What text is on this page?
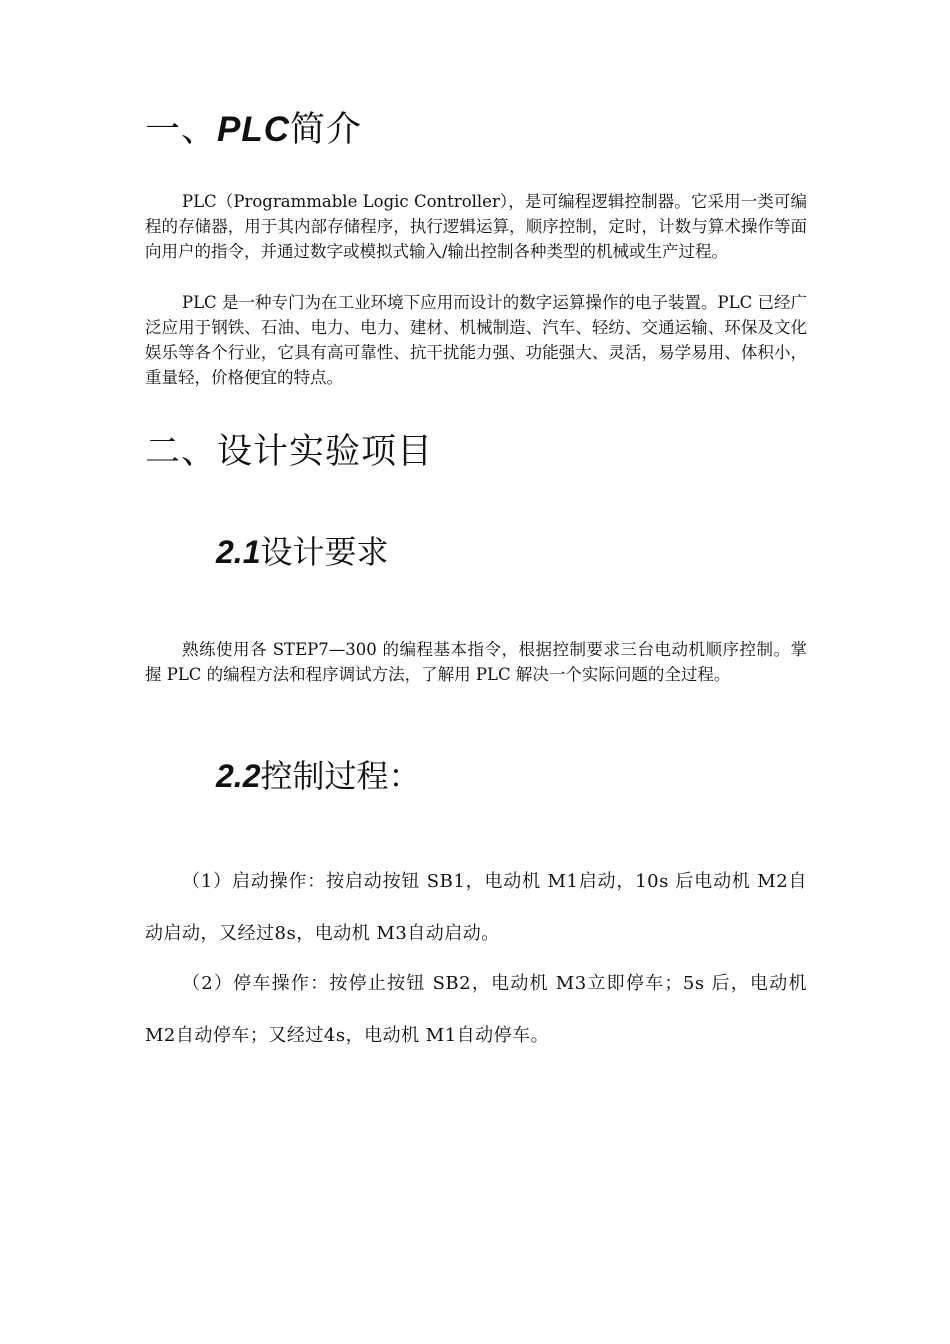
一、PLC简介

PLC（Programmable Logic Controller），是可编程逻辑控制器。它采用一类可编程的存储器，用于其内部存储程序，执行逻辑运算，顺序控制，定时，计数与算术操作等面向用户的指令，并通过数字或模拟式输入/输出控制各种类型的机械或生产过程。

PLC 是一种专门为在工业环境下应用而设计的数字运算操作的电子装置。PLC 已经广泛应用于钢铁、石油、电力、电力、建材、机械制造、汽车、轻纺、交通运输、环保及文化娱乐等各个行业，它具有高可靠性、抗干扰能力强、功能强大、灵活，易学易用、体积小，重量轻，价格便宜的特点。

二、设计实验项目
2.1设计要求

熟练使用各 STEP7—300 的编程基本指令，根据控制要求三台电动机顺序控制。掌握 PLC 的编程方法和程序调试方法，了解用 PLC 解决一个实际问题的全过程。

2.2控制过程：

（1）启动操作：按启动按钮 SB1，电动机 M1启动，10s 后电动机 M2自动启动，又经过8s，电动机 M3自动启动。

（2）停车操作：按停止按钮 SB2，电动机 M3立即停车；5s 后，电动机 M2自动停车；又经过4s，电动机 M1自动停车。
